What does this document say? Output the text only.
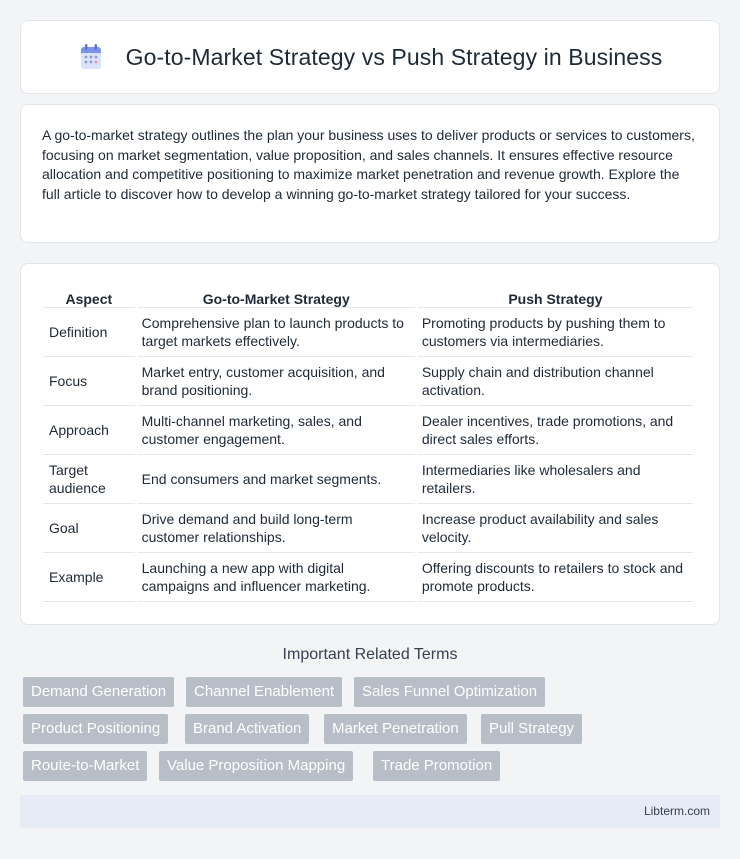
Go-to-Market Strategy vs Push Strategy in Business

A go-to-market strategy outlines the plan your business uses to deliver products or services to customers, focusing on market segmentation, value proposition, and sales channels. It ensures effective resource allocation and competitive positioning to maximize market penetration and revenue growth. Explore the full article to discover how to develop a winning go-to-market strategy tailored for your success.

Aspect	Go-to-Market Strategy	Push Strategy
Definition	Comprehensive plan to launch products to target markets effectively.	Promoting products by pushing them to customers via intermediaries.
Focus	Market entry, customer acquisition, and brand positioning.	Supply chain and distribution channel activation.
Approach	Multi-channel marketing, sales, and customer engagement.	Dealer incentives, trade promotions, and direct sales efforts.
Target audience	End consumers and market segments.	Intermediaries like wholesalers and retailers.
Goal	Drive demand and build long-term customer relationships.	Increase product availability and sales velocity.
Example	Launching a new app with digital campaigns and influencer marketing.	Offering discounts to retailers to stock and promote products.
Important Related Terms
Demand Generation	Channel Enablement	Sales Funnel Optimization
Product Positioning	Brand Activation	Market Penetration	Pull Strategy
Route-to-Market	Value Proposition Mapping	Trade Promotion
Libterm.com
